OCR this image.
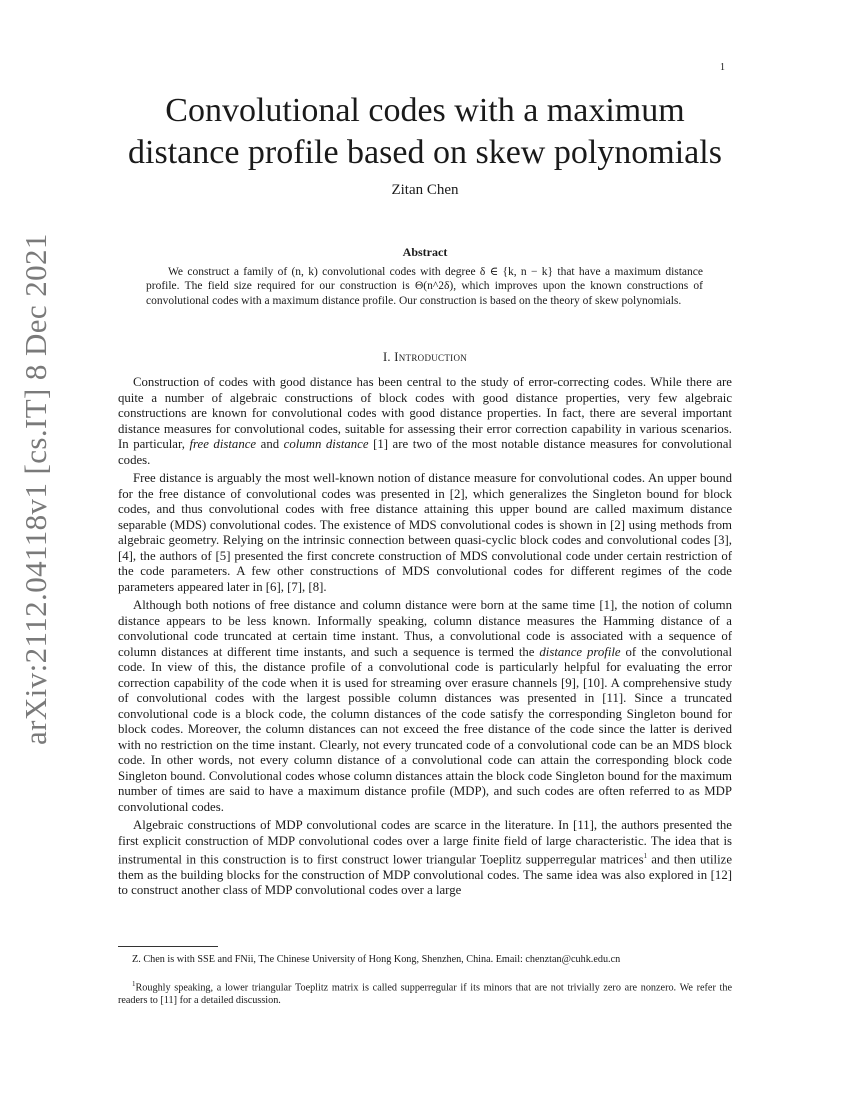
1
arXiv:2112.04118v1 [cs.IT] 8 Dec 2021
Convolutional codes with a maximum
distance profile based on skew polynomials
Zitan Chen
Abstract
We construct a family of (n, k) convolutional codes with degree δ ∈ {k, n − k} that have a maximum distance profile. The field size required for our construction is Θ(n^2δ), which improves upon the known constructions of convolutional codes with a maximum distance profile. Our construction is based on the theory of skew polynomials.
I. Introduction

Construction of codes with good distance has been central to the study of error-correcting codes. While there are quite a number of algebraic constructions of block codes with good distance properties, very few algebraic constructions are known for convolutional codes with good distance properties. In fact, there are several important distance measures for convolutional codes, suitable for assessing their error correction capability in various scenarios. In particular, free distance and column distance [1] are two of the most notable distance measures for convolutional codes.

Free distance is arguably the most well-known notion of distance measure for convolutional codes. An upper bound for the free distance of convolutional codes was presented in [2], which generalizes the Singleton bound for block codes, and thus convolutional codes with free distance attaining this upper bound are called maximum distance separable (MDS) convolutional codes. The existence of MDS convolutional codes is shown in [2] using methods from algebraic geometry. Relying on the intrinsic connection between quasi-cyclic block codes and convolutional codes [3], [4], the authors of [5] presented the first concrete construction of MDS convolutional code under certain restriction of the code parameters. A few other constructions of MDS convolutional codes for different regimes of the code parameters appeared later in [6], [7], [8].

Although both notions of free distance and column distance were born at the same time [1], the notion of column distance appears to be less known. Informally speaking, column distance measures the Hamming distance of a convolutional code truncated at certain time instant. Thus, a convolutional code is associated with a sequence of column distances at different time instants, and such a sequence is termed the distance profile of the convolutional code. In view of this, the distance profile of a convolutional code is particularly helpful for evaluating the error correction capability of the code when it is used for streaming over erasure channels [9], [10]. A comprehensive study of convolutional codes with the largest possible column distances was presented in [11]. Since a truncated convolutional code is a block code, the column distances of the code satisfy the corresponding Singleton bound for block codes. Moreover, the column distances can not exceed the free distance of the code since the latter is derived with no restriction on the time instant. Clearly, not every truncated code of a convolutional code can be an MDS block code. In other words, not every column distance of a convolutional code can attain the corresponding block code Singleton bound. Convolutional codes whose column distances attain the block code Singleton bound for the maximum number of times are said to have a maximum distance profile (MDP), and such codes are often referred to as MDP convolutional codes.

Algebraic constructions of MDP convolutional codes are scarce in the literature. In [11], the authors presented the first explicit construction of MDP convolutional codes over a large finite field of large characteristic. The idea that is instrumental in this construction is to first construct lower triangular Toeplitz supperregular matrices$^1$ and then utilize them as the building blocks for the construction of MDP convolutional codes. The same idea was also explored in [12] to construct another class of MDP convolutional codes over a large

Z. Chen is with SSE and FNii, The Chinese University of Hong Kong, Shenzhen, China. Email: chenztan@cuhk.edu.cn
$^1$Roughly speaking, a lower triangular Toeplitz matrix is called supperregular if its minors that are not trivially zero are nonzero. We refer the readers to [11] for a detailed discussion.
